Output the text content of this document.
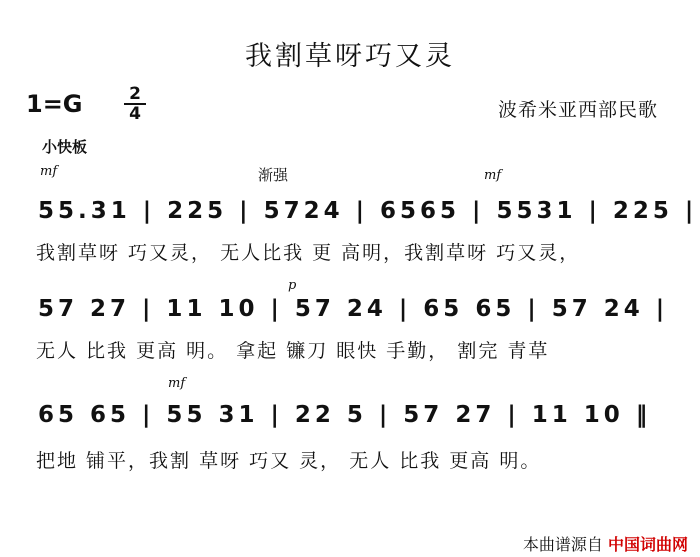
我割草呀巧又灵
1=G	2
4	波希米亚西部民歌
小快板
mf	渐强	mf
55.31 | 225 | 5724 | 6565 | 5531 | 225 |
我割草呀 巧又灵， 无人比我 更 高明，我割草呀 巧又灵，
p
57 27 | 11 10 | 57 24 | 65 65 | 57 24 |
无人 比我 更高 明。 拿起 镰刀 眼快 手勤， 割完 青草
mf
65 65 | 55 31 | 22 5 | 57 27 | 11 10 ‖
把地 铺平，我割 草呀 巧又 灵， 无人 比我 更高 明。
本曲谱源自 中国词曲网
